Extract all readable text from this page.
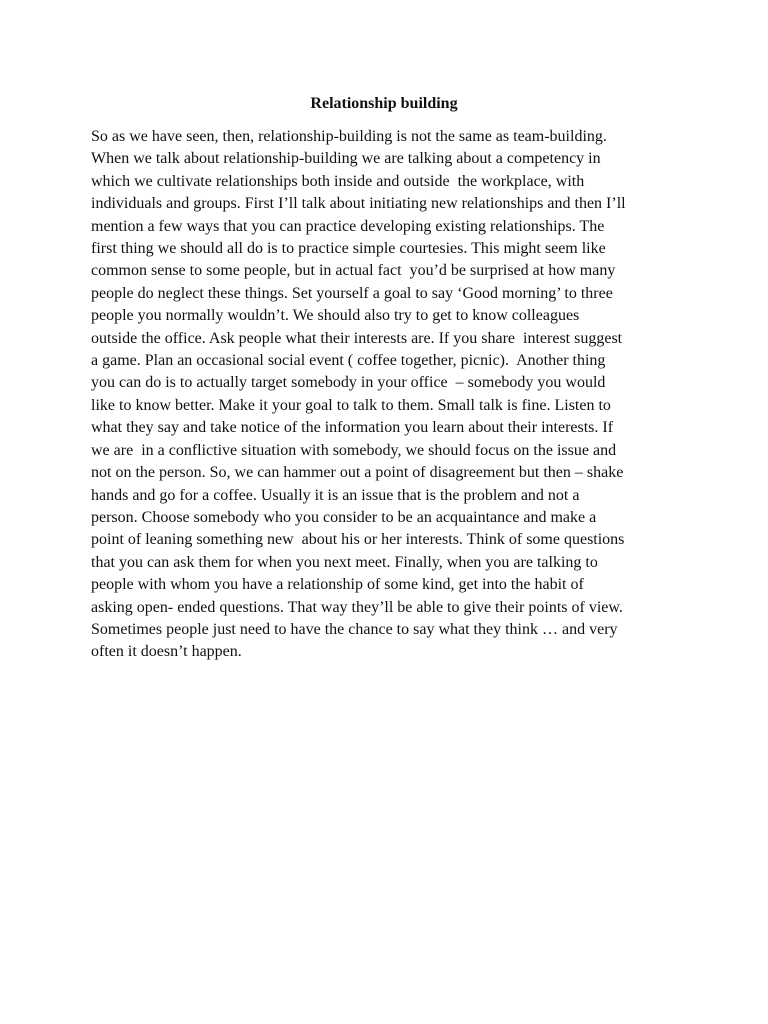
Relationship building
So as we have seen, then, relationship-building is not the same as team-building.
When we talk about relationship-building we are talking about a competency in
which we cultivate relationships both inside and outside  the workplace, with
individuals and groups. First I’ll talk about initiating new relationships and then I’ll
mention a few ways that you can practice developing existing relationships. The
first thing we should all do is to practice simple courtesies. This might seem like
common sense to some people, but in actual fact  you’d be surprised at how many
people do neglect these things. Set yourself a goal to say ‘Good morning’ to three
people you normally wouldn’t. We should also try to get to know colleagues
outside the office. Ask people what their interests are. If you share  interest suggest
a game. Plan an occasional social event ( coffee together, picnic).  Another thing
you can do is to actually target somebody in your office  – somebody you would
like to know better. Make it your goal to talk to them. Small talk is fine. Listen to
what they say and take notice of the information you learn about their interests. If
we are  in a conflictive situation with somebody, we should focus on the issue and
not on the person. So, we can hammer out a point of disagreement but then – shake
hands and go for a coffee. Usually it is an issue that is the problem and not a
person. Choose somebody who you consider to be an acquaintance and make a
point of leaning something new  about his or her interests. Think of some questions
that you can ask them for when you next meet. Finally, when you are talking to
people with whom you have a relationship of some kind, get into the habit of
asking open- ended questions. That way they’ll be able to give their points of view.
Sometimes people just need to have the chance to say what they think … and very
often it doesn’t happen.
